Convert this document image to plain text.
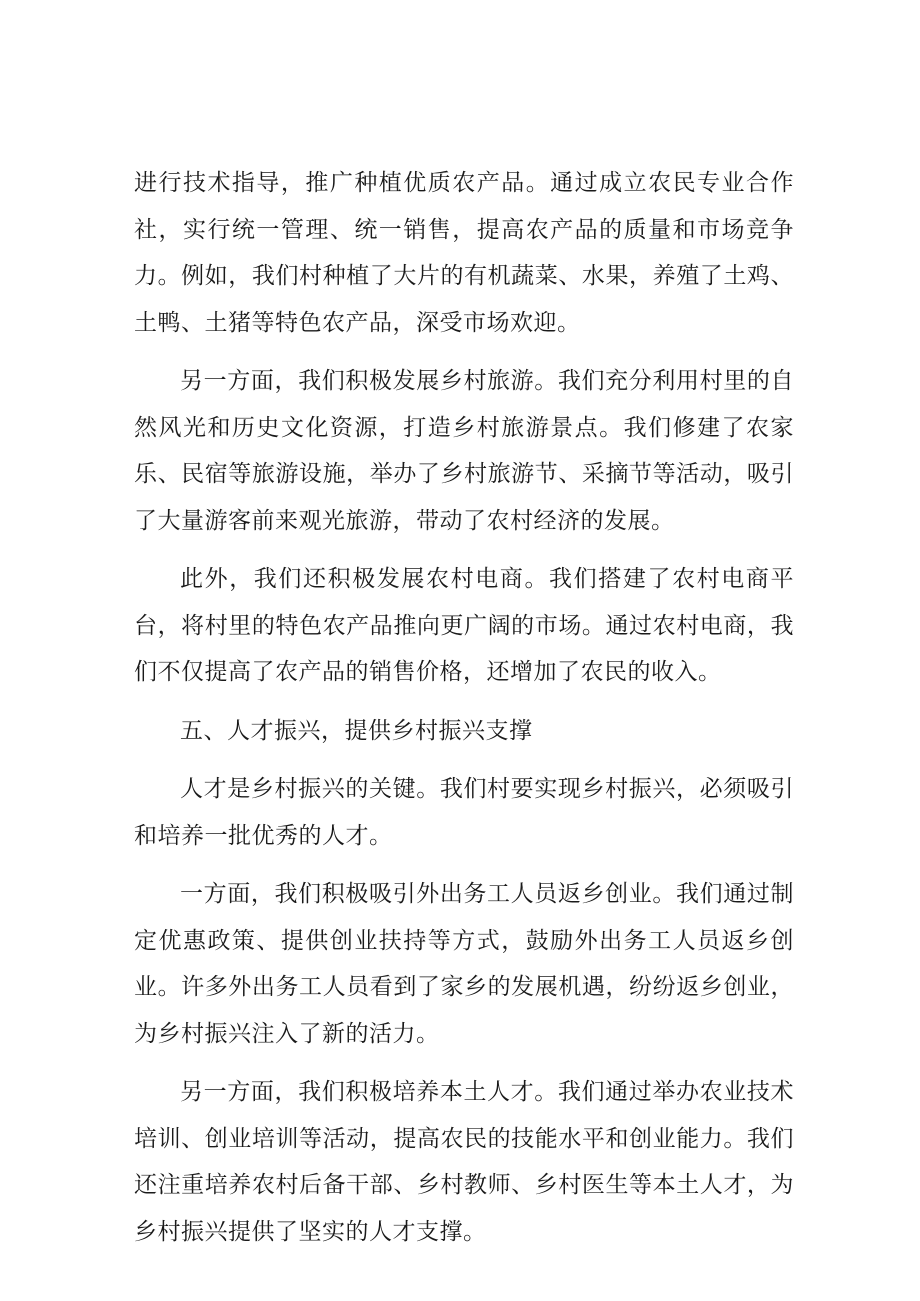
进行技术指导，推广种植优质农产品。通过成立农民专业合作社，实行统一管理、统一销售，提高农产品的质量和市场竞争力。例如，我们村种植了大片的有机蔬菜、水果，养殖了土鸡、土鸭、土猪等特色农产品，深受市场欢迎。

另一方面，我们积极发展乡村旅游。我们充分利用村里的自然风光和历史文化资源，打造乡村旅游景点。我们修建了农家乐、民宿等旅游设施，举办了乡村旅游节、采摘节等活动，吸引了大量游客前来观光旅游，带动了农村经济的发展。

此外，我们还积极发展农村电商。我们搭建了农村电商平台，将村里的特色农产品推向更广阔的市场。通过农村电商，我们不仅提高了农产品的销售价格，还增加了农民的收入。

五、人才振兴，提供乡村振兴支撑

人才是乡村振兴的关键。我们村要实现乡村振兴，必须吸引和培养一批优秀的人才。

一方面，我们积极吸引外出务工人员返乡创业。我们通过制定优惠政策、提供创业扶持等方式，鼓励外出务工人员返乡创业。许多外出务工人员看到了家乡的发展机遇，纷纷返乡创业，为乡村振兴注入了新的活力。

另一方面，我们积极培养本土人才。我们通过举办农业技术培训、创业培训等活动，提高农民的技能水平和创业能力。我们还注重培养农村后备干部、乡村教师、乡村医生等本土人才，为乡村振兴提供了坚实的人才支撑。
